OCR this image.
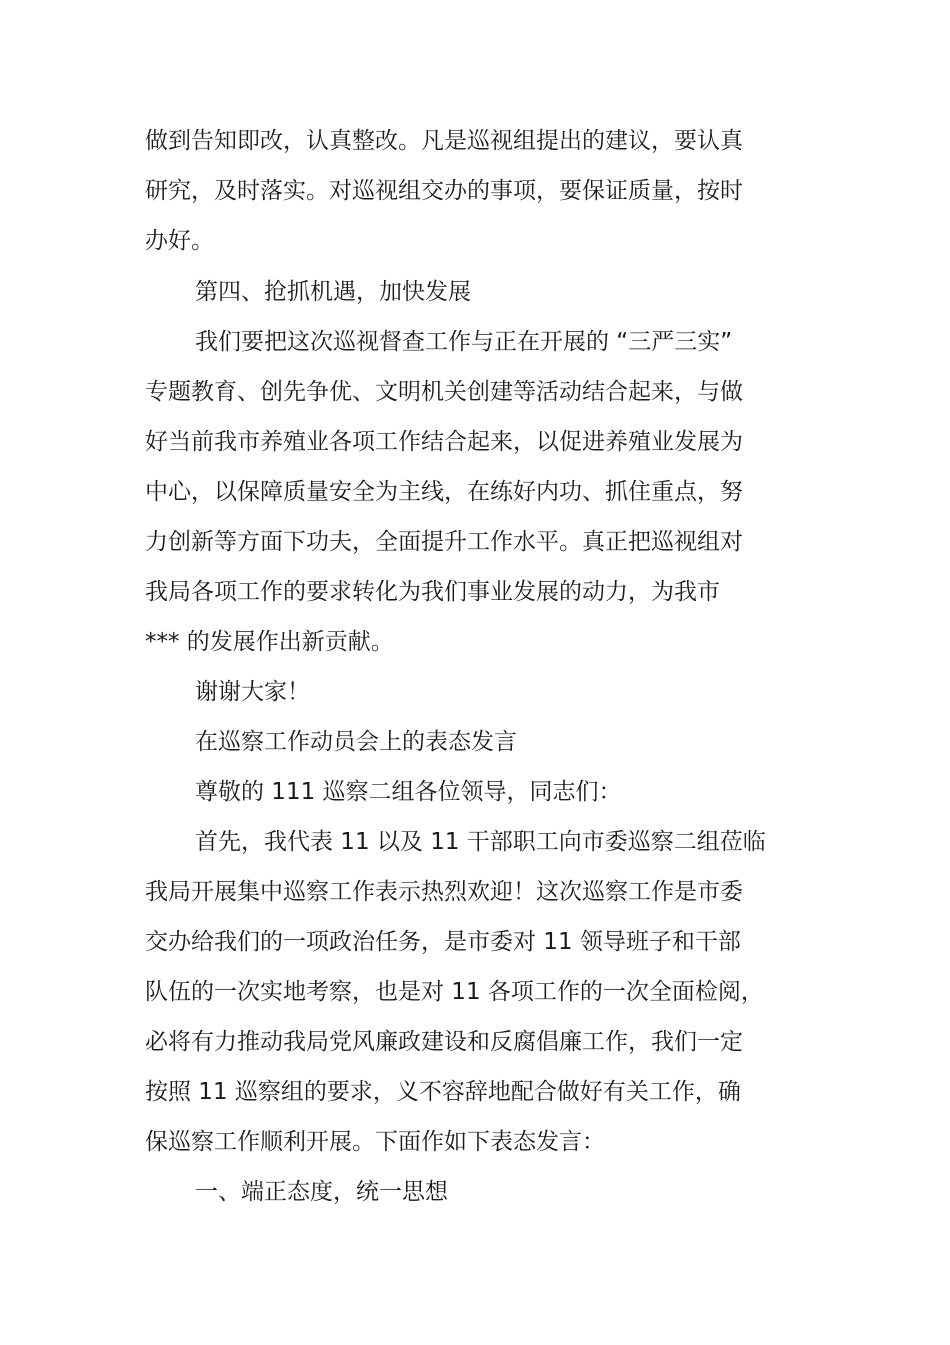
做到告知即改，认真整改。凡是巡视组提出的建议，要认真
研究，及时落实。对巡视组交办的事项，要保证质量，按时
办好。
第四、抢抓机遇，加快发展
我们要把这次巡视督查工作与正在开展的 “三严三实”
专题教育、创先争优、文明机关创建等活动结合起来，与做
好当前我市养殖业各项工作结合起来，以促进养殖业发展为
中心，以保障质量安全为主线，在练好内功、抓住重点，努
力创新等方面下功夫，全面提升工作水平。真正把巡视组对
我局各项工作的要求转化为我们事业发展的动力，为我市
*** 的发展作出新贡献。
谢谢大家！
在巡察工作动员会上的表态发言
尊敬的 111 巡察二组各位领导，同志们：
首先，我代表 11 以及 11 干部职工向市委巡察二组莅临
我局开展集中巡察工作表示热烈欢迎！这次巡察工作是市委
交办给我们的一项政治任务，是市委对 11 领导班子和干部
队伍的一次实地考察，也是对 11 各项工作的一次全面检阅，
必将有力推动我局党风廉政建设和反腐倡廉工作，我们一定
按照 11 巡察组的要求，义不容辞地配合做好有关工作，确
保巡察工作顺利开展。下面作如下表态发言：
一、端正态度，统一思想
